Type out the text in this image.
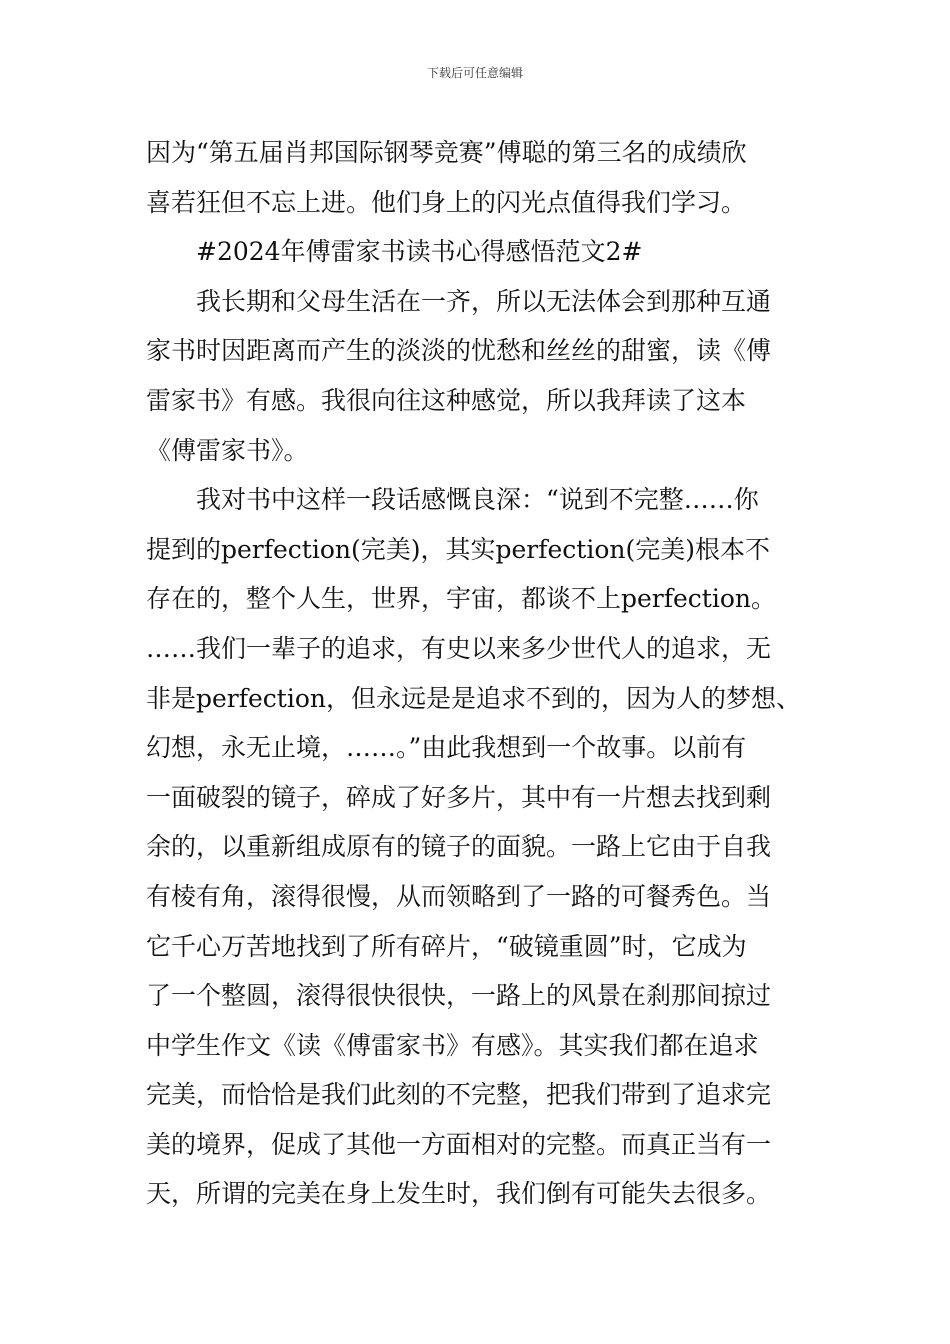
下载后可任意编辑
因为“第五届肖邦国际钢琴竞赛”傅聪的第三名的成绩欣
喜若狂但不忘上进。他们身上的闪光点值得我们学习。
#2024年傅雷家书读书心得感悟范文2#
我长期和父母生活在一齐，所以无法体会到那种互通
家书时因距离而产生的淡淡的忧愁和丝丝的甜蜜，读《傅
雷家书》有感。我很向往这种感觉，所以我拜读了这本
《傅雷家书》。
我对书中这样一段话感慨良深：“说到不完整……你
提到的perfection(完美)，其实perfection(完美)根本不
存在的，整个人生，世界，宇宙，都谈不上perfection。
……我们一辈子的追求，有史以来多少世代人的追求，无
非是perfection，但永远是是追求不到的，因为人的梦想、
幻想，永无止境，……。”由此我想到一个故事。以前有
一面破裂的镜子，碎成了好多片，其中有一片想去找到剩
余的，以重新组成原有的镜子的面貌。一路上它由于自我
有棱有角，滚得很慢，从而领略到了一路的可餐秀色。当
它千心万苦地找到了所有碎片，“破镜重圆”时，它成为
了一个整圆，滚得很快很快，一路上的风景在刹那间掠过
中学生作文《读《傅雷家书》有感》。其实我们都在追求
完美，而恰恰是我们此刻的不完整，把我们带到了追求完
美的境界，促成了其他一方面相对的完整。而真正当有一
天，所谓的完美在身上发生时，我们倒有可能失去很多。
